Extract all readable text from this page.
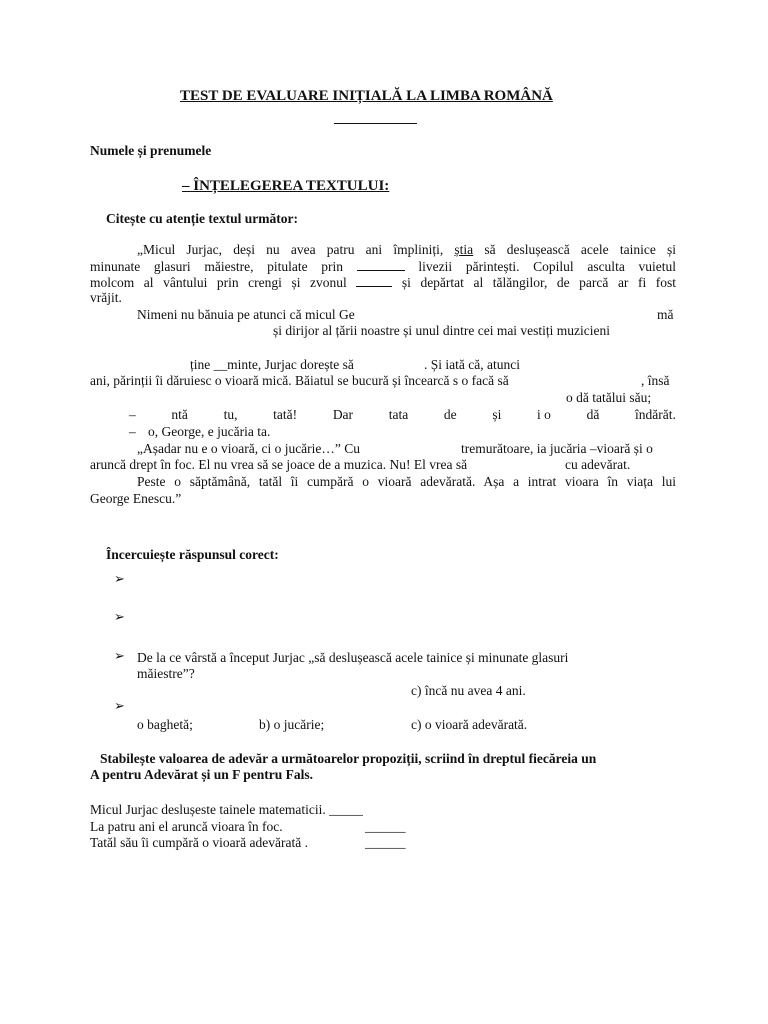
TEST DE EVALUARE INIȚIALĂ LA LIMBA ROMÂNĂ
Numele și prenumele
– ÎNȚELEGEREA TEXTULUI:
Citește cu atenție textul următor:
„Micul Jurjac, deși nu avea patru ani împliniți, știa să deslușească acele tainice și
minunate glasuri măiestre, pitulate prin	livezii părintești. Copilul asculta vuietul
molcom al vântului prin crengi și zvonul	și depărtat al tălăngilor, de parcă ar fi fost
vrăjit.
Nimeni nu bănuia pe atunci că micul Ge	mă
și dirijor al țării noastre și unul dintre cei mai vestiți muzicieni
ține __minte, Jurjac dorește să	. Și iată că, atunci
ani, părinții îi dăruiesc o vioară mică. Băiatul se bucură și încearcă s o facă să	, însă
o dă tatălui său;
–	ntă	tu,	tată!	Dar	tata	de	și	i o	dă	îndărăt.
– o, George, e jucăria ta.
„Așadar nu e o vioară, ci o jucărie…” Cu	tremurătoare, ia jucăria –vioară și o
aruncă drept în foc. El nu vrea să se joace de a muzica. Nu! El vrea să	cu adevărat.
Peste o săptămână, tatăl îi cumpără o vioară adevărată. Așa a intrat vioara în viața lui
George Enescu.”
Încercuiește răspunsul corect:
➢
➢
➢ De la ce vârstă a început Jurjac „să deslușească acele tainice și minunate glasuri
măiestre”?
c) încă nu avea 4 ani.
➢
o baghetă;	b) o jucărie;	c) o vioară adevărată.
Stabilește valoarea de adevăr a următoarelor propoziții, scriind în dreptul fiecăreia un
A pentru Adevărat și un F pentru Fals.
Micul Jurjac deslușeste tainele matematicii. _____
La patru ani el aruncă vioara în foc.	______
Tatăl său îi cumpără o vioară adevărată .	______
